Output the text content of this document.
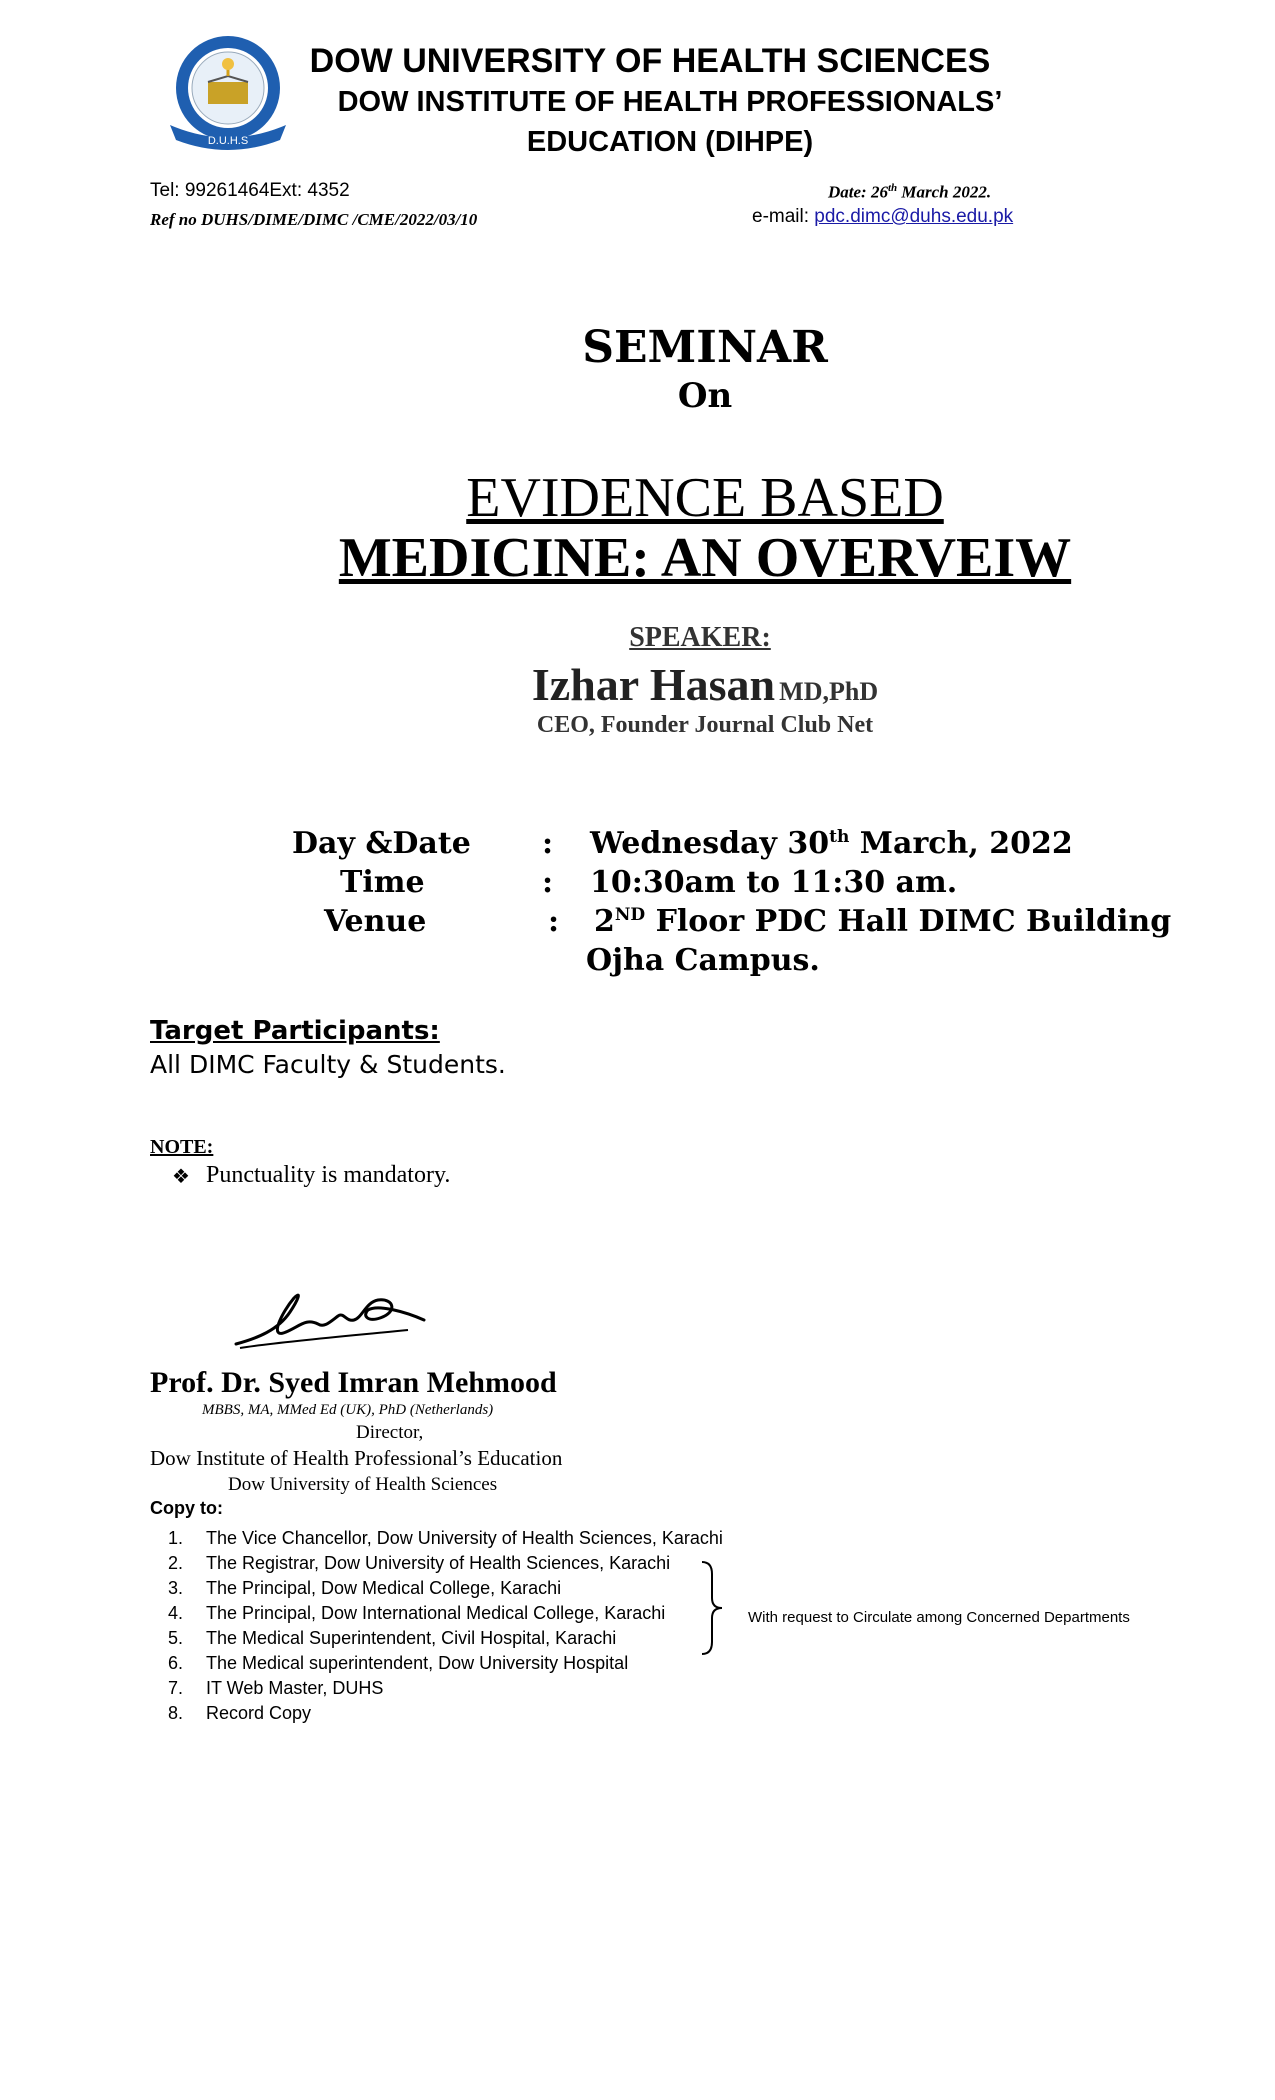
D.U.H.S
DOW UNIVERSITY OF HEALTH SCIENCES
DOW INSTITUTE OF HEALTH PROFESSIONALS’
EDUCATION (DIHPE)
Tel: 99261464Ext: 4352	Date: 26th March 2022.
Ref no DUHS/DIME/DIMC /CME/2022/03/10	e-mail: pdc.dimc@duhs.edu.pk
SEMINAR
On
EVIDENCE BASED
MEDICINE: AN OVERVEIW
SPEAKER:
Izhar Hasan MD,PhD
CEO, Founder Journal Club Net
Day &Date : Wednesday 30th March, 2022
Time	: 10:30am to 11:30 am.
Venue	: 2ND Floor PDC Hall DIMC Building
Ojha Campus.
Target Participants:
All DIMC Faculty & Students.
NOTE:
❖ Punctuality is mandatory.
Prof. Dr. Syed Imran Mehmood
MBBS, MA, MMed Ed (UK), PhD (Netherlands)
Director,
Dow Institute of Health Professional’s Education
Dow University of Health Sciences
Copy to:
1. The Vice Chancellor, Dow University of Health Sciences, Karachi
2. The Registrar, Dow University of Health Sciences, Karachi
3. The Principal, Dow Medical College, Karachi
4. The Principal, Dow International Medical College, Karachi
5. The Medical Superintendent, Civil Hospital, Karachi
6. The Medical superintendent, Dow University Hospital
7. IT Web Master, DUHS
8. Record Copy
With request to Circulate among Concerned Departments
